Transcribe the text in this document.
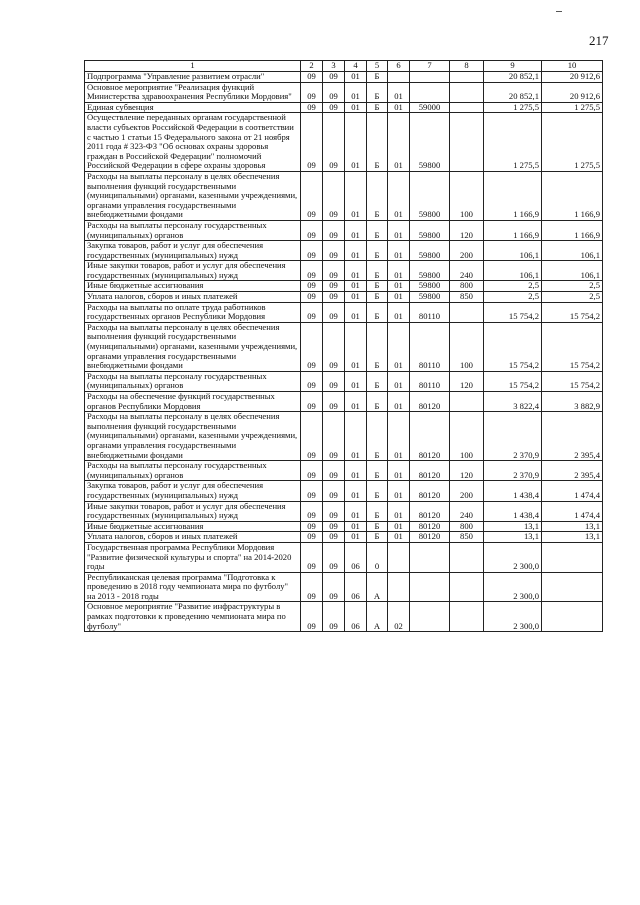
217
1	2	3	4	5	6	7	8	9	10
Подпрограмма "Управление развитием отрасли"	09	09	01	Б				20 852,1	20 912,6
Основное мероприятие "Реализация функций Министерства здравоохранения Республики Мордовия"	09	09	01	Б	01			20 852,1	20 912,6
Единая субвенция	09	09	01	Б	01	59000		1 275,5	1 275,5
Осуществление переданных органам государственной власти субъектов Российской Федерации в соответствии с частью 1 статьи 15 Федерального закона от 21 ноября 2011 года # 323-ФЗ "Об основах охраны здоровья граждан в Российской Федерации" полномочий Российской Федерации в сфере охраны здоровья	09	09	01	Б	01	59800		1 275,5	1 275,5
Расходы на выплаты персоналу в целях обеспечения выполнения функций государственными (муниципальными) органами, казенными учреждениями, органами управления государственными внебюджетными фондами	09	09	01	Б	01	59800	100	1 166,9	1 166,9
Расходы на выплаты персоналу государственных (муниципальных) органов	09	09	01	Б	01	59800	120	1 166,9	1 166,9
Закупка товаров, работ и услуг для обеспечения государственных (муниципальных) нужд	09	09	01	Б	01	59800	200	106,1	106,1
Иные закупки товаров, работ и услуг для обеспечения государственных (муниципальных) нужд	09	09	01	Б	01	59800	240	106,1	106,1
Иные бюджетные ассигнования	09	09	01	Б	01	59800	800	2,5	2,5
Уплата налогов, сборов и иных платежей	09	09	01	Б	01	59800	850	2,5	2,5
Расходы на выплаты по оплате труда работников государственных органов Республики Мордовия	09	09	01	Б	01	80110		15 754,2	15 754,2
Расходы на выплаты персоналу в целях обеспечения выполнения функций государственными (муниципальными) органами, казенными учреждениями, органами управления государственными внебюджетными фондами	09	09	01	Б	01	80110	100	15 754,2	15 754,2
Расходы на выплаты персоналу государственных (муниципальных) органов	09	09	01	Б	01	80110	120	15 754,2	15 754,2
Расходы на обеспечение функций государственных органов Республики Мордовия	09	09	01	Б	01	80120		3 822,4	3 882,9
Расходы на выплаты персоналу в целях обеспечения выполнения функций государственными (муниципальными) органами, казенными учреждениями, органами управления государственными внебюджетными фондами	09	09	01	Б	01	80120	100	2 370,9	2 395,4
Расходы на выплаты персоналу государственных (муниципальных) органов	09	09	01	Б	01	80120	120	2 370,9	2 395,4
Закупка товаров, работ и услуг для обеспечения государственных (муниципальных) нужд	09	09	01	Б	01	80120	200	1 438,4	1 474,4
Иные закупки товаров, работ и услуг для обеспечения государственных (муниципальных) нужд	09	09	01	Б	01	80120	240	1 438,4	1 474,4
Иные бюджетные ассигнования	09	09	01	Б	01	80120	800	13,1	13,1
Уплата налогов, сборов и иных платежей	09	09	01	Б	01	80120	850	13,1	13,1
Государственная программа Республики Мордовия "Развитие физической культуры и спорта" на 2014-2020 годы	09	09	06	0				2 300,0	
Республиканская целевая программа "Подготовка к проведению в 2018 году чемпионата мира по футболу" на 2013 - 2018 годы	09	09	06	А				2 300,0	
Основное мероприятие "Развитие инфраструктуры в рамках подготовки к проведению чемпионата мира по футболу"	09	09	06	А	02			2 300,0	
